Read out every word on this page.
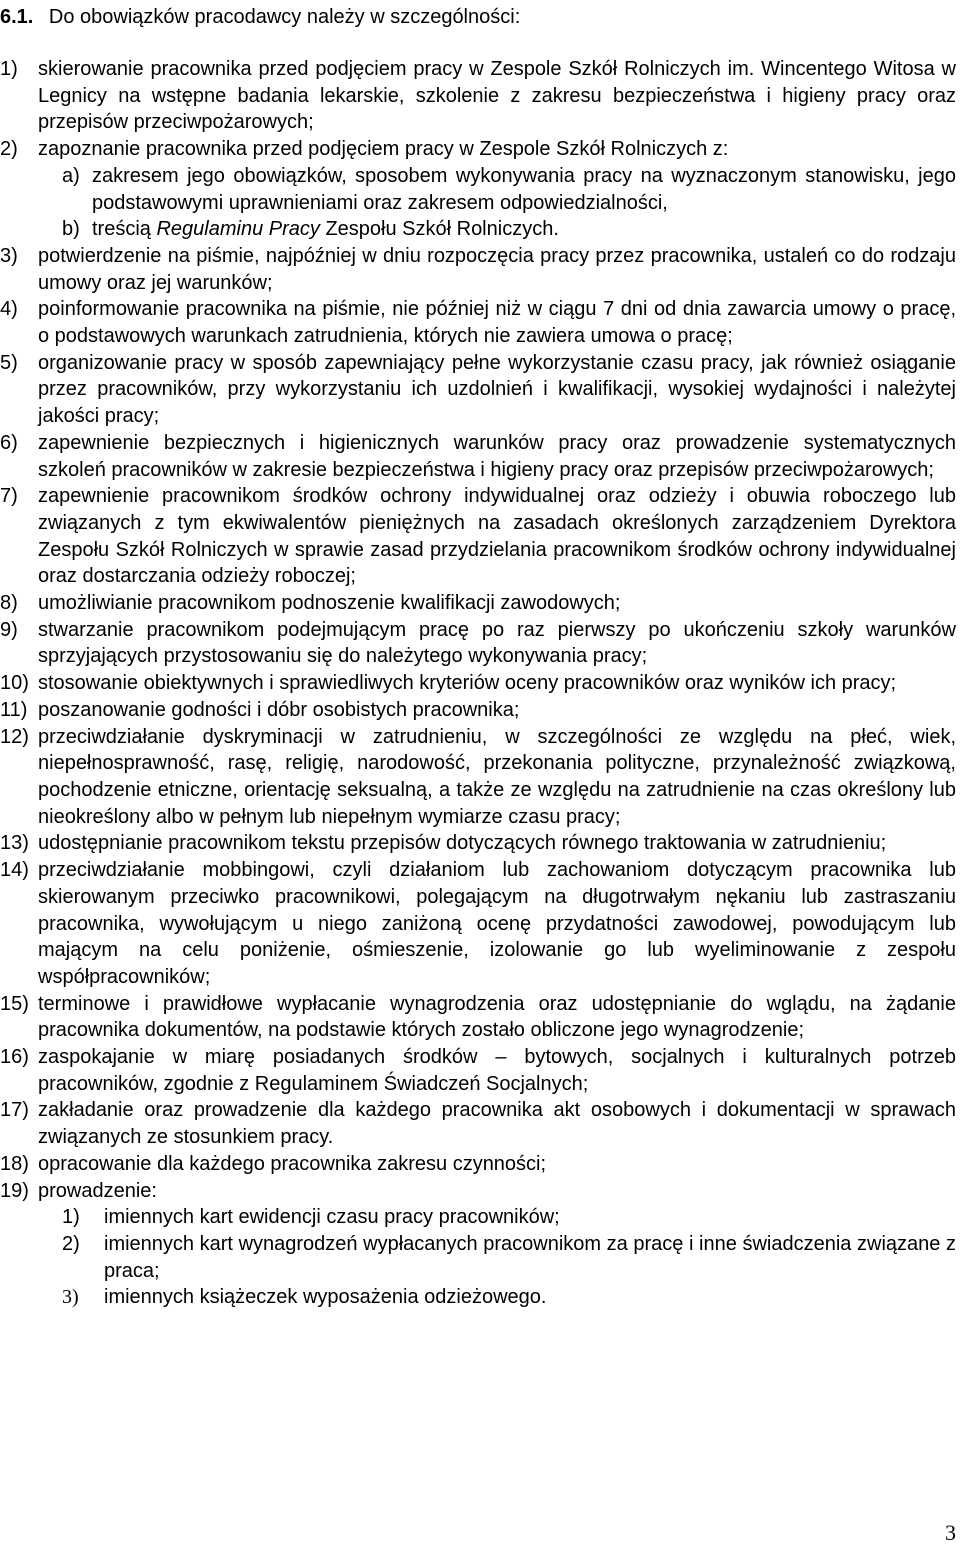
6.1. Do obowiązków pracodawcy należy w szczególności:
1) skierowanie pracownika przed podjęciem pracy w Zespole Szkół Rolniczych im. Wincentego Witosa w Legnicy na wstępne badania lekarskie, szkolenie z zakresu bezpieczeństwa i higieny pracy oraz przepisów przeciwpożarowych;
2) zapoznanie pracownika przed podjęciem pracy w Zespole Szkół Rolniczych z:
a) zakresem jego obowiązków, sposobem wykonywania pracy na wyznaczonym stanowisku, jego podstawowymi uprawnieniami oraz zakresem odpowiedzialności,
b) treścią Regulaminu Pracy Zespołu Szkół Rolniczych.
3) potwierdzenie na piśmie, najpóźniej w dniu rozpoczęcia pracy przez pracownika, ustaleń co do rodzaju umowy oraz jej warunków;
4) poinformowanie pracownika na piśmie, nie później niż w ciągu 7 dni od dnia zawarcia umowy o pracę, o podstawowych warunkach zatrudnienia, których nie zawiera umowa o pracę;
5) organizowanie pracy w sposób zapewniający pełne wykorzystanie czasu pracy, jak również osiąganie przez pracowników, przy wykorzystaniu ich uzdolnień i kwalifikacji, wysokiej wydajności i należytej jakości pracy;
6) zapewnienie bezpiecznych i higienicznych warunków pracy oraz prowadzenie systematycznych szkoleń pracowników w zakresie bezpieczeństwa i higieny pracy oraz przepisów przeciwpożarowych;
7) zapewnienie pracownikom środków ochrony indywidualnej oraz odzieży i obuwia roboczego lub związanych z tym ekwiwalentów pieniężnych na zasadach określonych zarządzeniem Dyrektora Zespołu Szkół Rolniczych w sprawie zasad przydzielania pracownikom środków ochrony indywidualnej oraz dostarczania odzieży roboczej;
8) umożliwianie pracownikom podnoszenie kwalifikacji zawodowych;
9) stwarzanie pracownikom podejmującym pracę po raz pierwszy po ukończeniu szkoły warunków sprzyjających przystosowaniu się do należytego wykonywania pracy;
10) stosowanie obiektywnych i sprawiedliwych kryteriów oceny pracowników oraz wyników ich pracy;
11) poszanowanie godności i dóbr osobistych pracownika;
12) przeciwdziałanie dyskryminacji w zatrudnieniu, w szczególności ze względu na płeć, wiek, niepełnosprawność, rasę, religię, narodowość, przekonania polityczne, przynależność związkową, pochodzenie etniczne, orientację seksualną, a także ze względu na zatrudnienie na czas określony lub nieokreślony albo w pełnym lub niepełnym wymiarze czasu pracy;
13) udostępnianie pracownikom tekstu przepisów dotyczących równego traktowania w zatrudnieniu;
14) przeciwdziałanie mobbingowi, czyli działaniom lub zachowaniom dotyczącym pracownika lub skierowanym przeciwko pracownikowi, polegającym na długotrwałym nękaniu lub zastraszaniu pracownika, wywołującym u niego zaniżoną ocenę przydatności zawodowej, powodującym lub mającym na celu poniżenie, ośmieszenie, izolowanie go lub wyeliminowanie z zespołu współpracowników;
15) terminowe i prawidłowe wypłacanie wynagrodzenia oraz udostępnianie do wglądu, na żądanie pracownika dokumentów, na podstawie których zostało obliczone jego wynagrodzenie;
16) zaspokajanie w miarę posiadanych środków – bytowych, socjalnych i kulturalnych potrzeb pracowników, zgodnie z Regulaminem Świadczeń Socjalnych;
17) zakładanie oraz prowadzenie dla każdego pracownika akt osobowych i dokumentacji w sprawach związanych ze stosunkiem pracy.
18) opracowanie dla każdego pracownika zakresu czynności;
19) prowadzenie:
1) imiennych kart ewidencji czasu pracy pracowników;
2) imiennych kart wynagrodzeń wypłacanych pracownikom za pracę i inne świadczenia związane z praca;
3) imiennych książeczek wyposażenia odzieżowego.
3
